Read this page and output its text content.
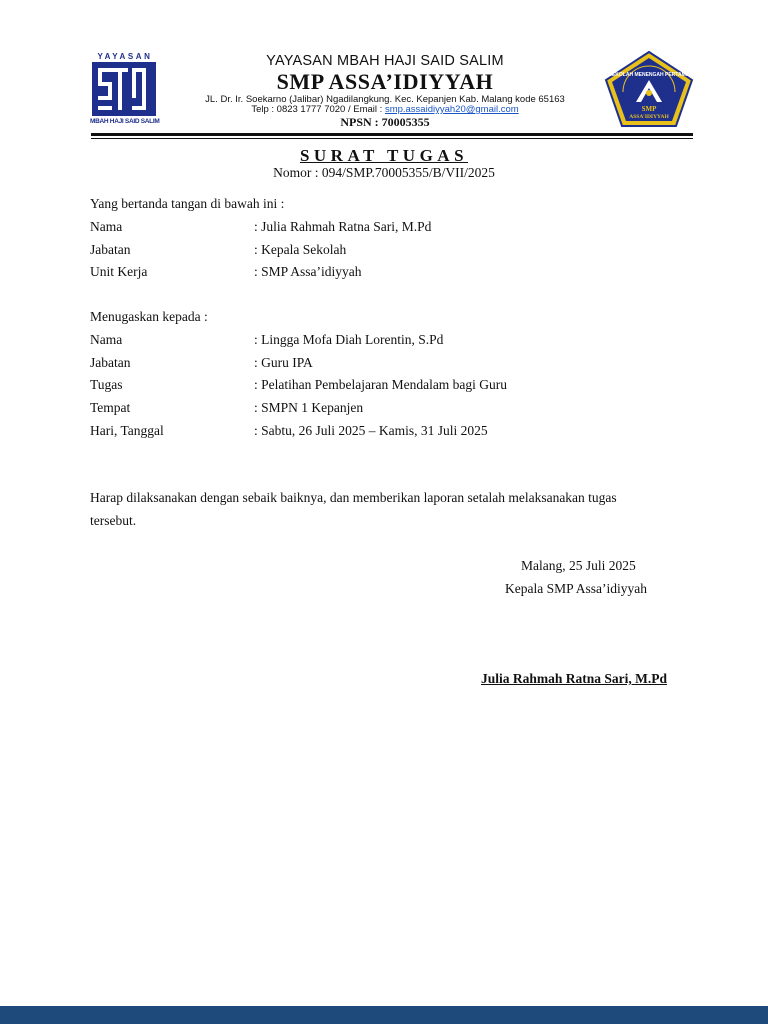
YAYASAN
MBAH HAJI SAID SALIM
YAYASAN MBAH HAJI SAID SALIM
SMP ASSA’IDIYYAH
JL. Dr. Ir. Soekarno (Jalibar) Ngadilangkung. Kec. Kepanjen Kab. Malang kode 65163
Telp : 0823 1777 7020 / Email : smp.assaidiyyah20@gmail.com
NPSN : 70005355
SEKOLAH MENENGAH PERTAMA
SMP
ASSA'IDIYYAH
SURAT TUGAS
Nomor : 094/SMP.70005355/B/VII/2025
Yang bertanda tangan di bawah ini :
Nama	: Julia Rahmah Ratna Sari, M.Pd
Jabatan	: Kepala Sekolah
Unit Kerja	: SMP Assa’idiyyah
Menugaskan kepada :
Nama	: Lingga Mofa Diah Lorentin, S.Pd
Jabatan	: Guru IPA
Tugas	: Pelatihan Pembelajaran Mendalam bagi Guru
Tempat	: SMPN 1 Kepanjen
Hari, Tanggal	: Sabtu, 26 Juli 2025 – Kamis, 31 Juli 2025
Harap dilaksanakan dengan sebaik baiknya, dan memberikan laporan setalah melaksanakan tugas
tersebut.
Malang, 25 Juli 2025
Kepala SMP Assa’idiyyah
Julia Rahmah Ratna Sari, M.Pd
